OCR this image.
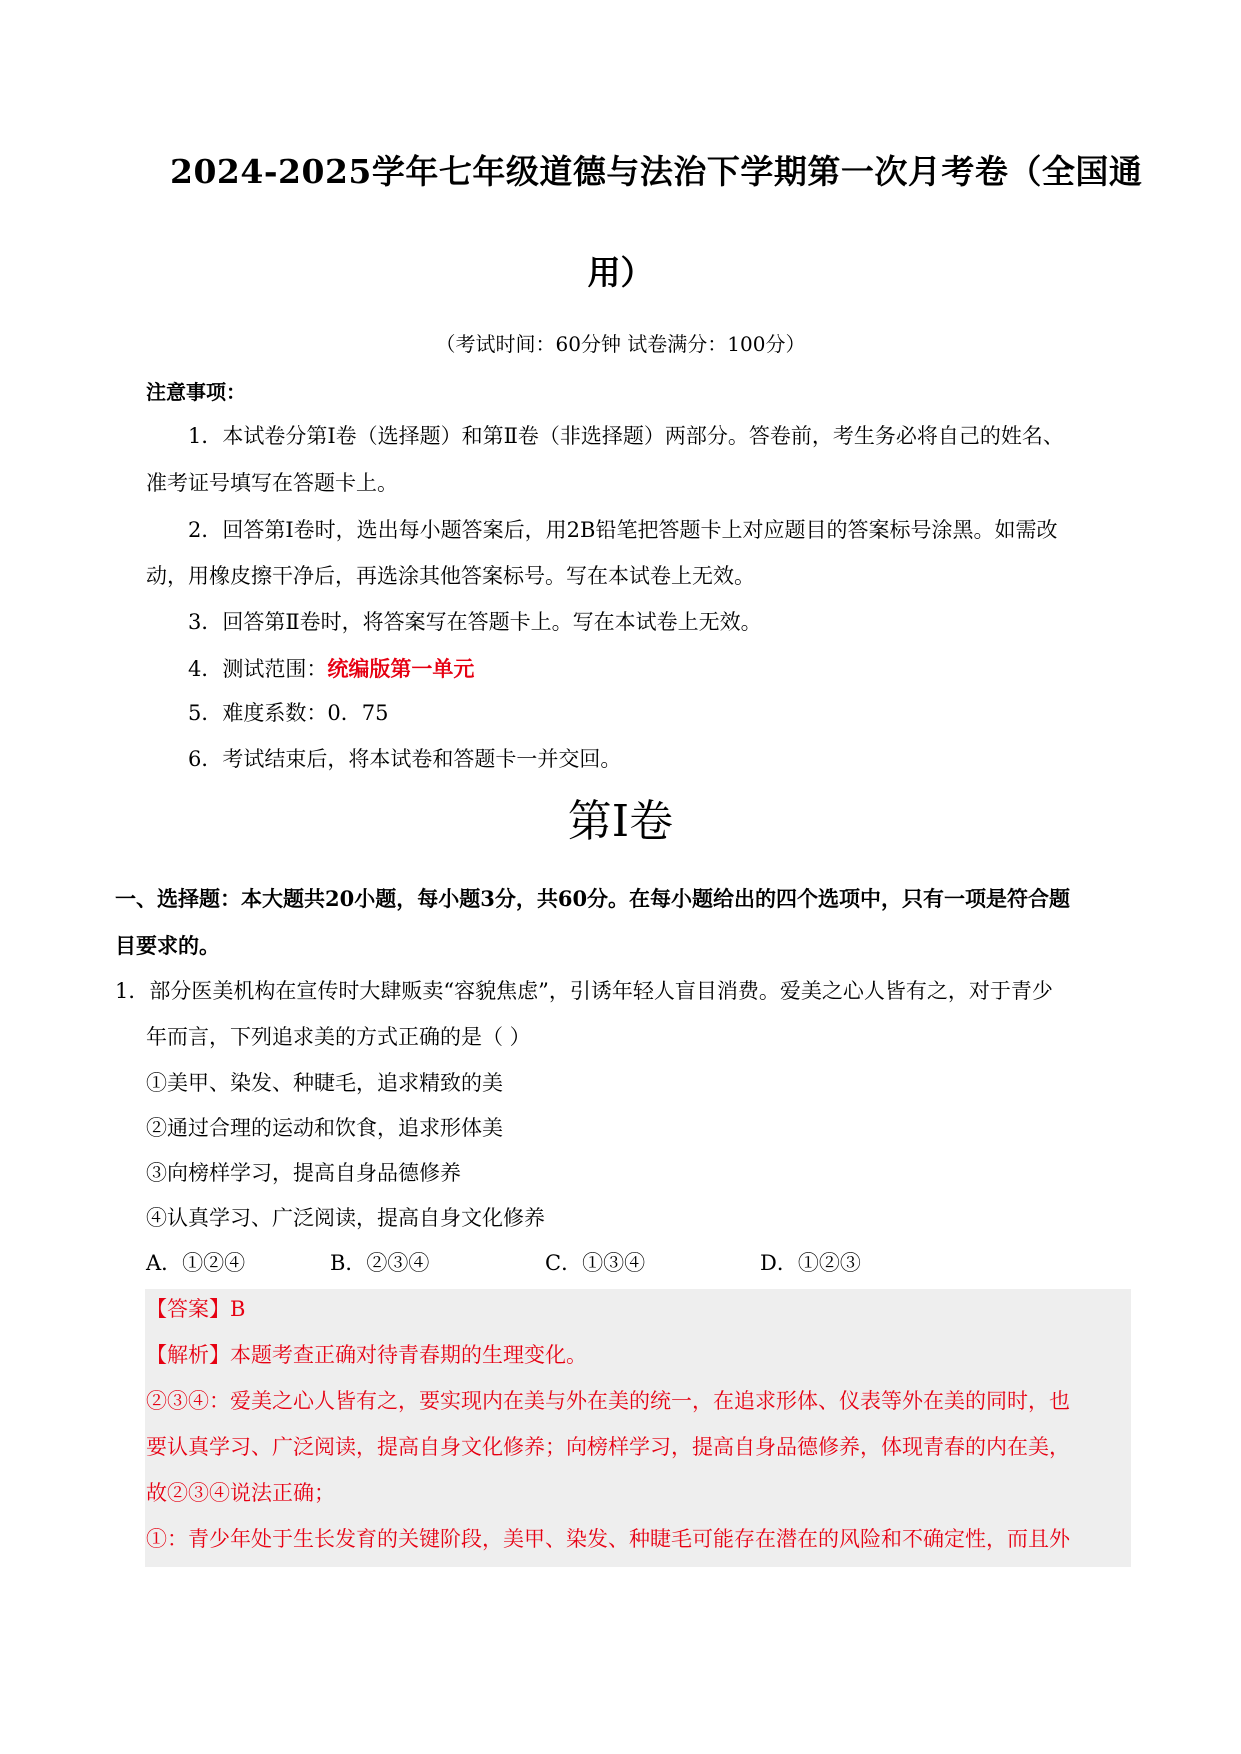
2024-2025学年七年级道德与法治下学期第一次月考卷（全国通
用）
（考试时间：60分钟 试卷满分：100分）
注意事项：
1．本试卷分第Ⅰ卷（选择题）和第Ⅱ卷（非选择题）两部分。答卷前，考生务必将自己的姓名、
准考证号填写在答题卡上。
2．回答第Ⅰ卷时，选出每小题答案后，用2B铅笔把答题卡上对应题目的答案标号涂黑。如需改
动，用橡皮擦干净后，再选涂其他答案标号。写在本试卷上无效。
3．回答第Ⅱ卷时，将答案写在答题卡上。写在本试卷上无效。
4．测试范围：统编版第一单元
5．难度系数：0．75
6．考试结束后，将本试卷和答题卡一并交回。
第Ⅰ卷
一、选择题：本大题共20小题，每小题3分，共60分。在每小题给出的四个选项中，只有一项是符合题
目要求的。
1．部分医美机构在宣传时大肆贩卖“容貌焦虑”，引诱年轻人盲目消费。爱美之心人皆有之，对于青少
年而言，下列追求美的方式正确的是（ ）
①美甲、染发、种睫毛，追求精致的美
②通过合理的运动和饮食，追求形体美
③向榜样学习，提高自身品德修养
④认真学习、广泛阅读，提高自身文化修养
A．①②④	B．②③④	C．①③④	D．①②③
【答案】B
【解析】本题考查正确对待青春期的生理变化。
②③④：爱美之心人皆有之，要实现内在美与外在美的统一，在追求形体、仪表等外在美的同时，也
要认真学习、广泛阅读，提高自身文化修养；向榜样学习，提高自身品德修养，体现青春的内在美，
故②③④说法正确；
①：青少年处于生长发育的关键阶段，美甲、染发、种睫毛可能存在潜在的风险和不确定性，而且外
